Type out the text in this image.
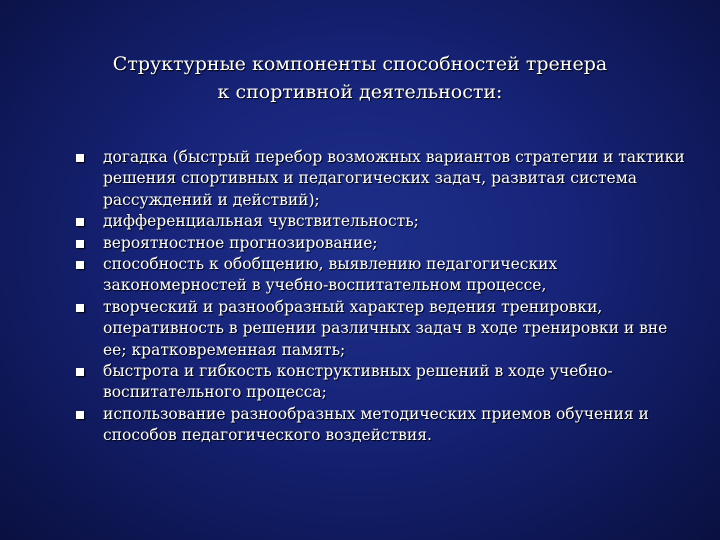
Структурные компоненты способностей тренера
к спортивной деятельности:
догадка (быстрый перебор возможных вариантов стратегии и тактики решения спортивных и педагогических задач, развитая система рассуждений и действий);
дифференциальная чувствительность;
вероятностное прогнозирование;
способность к обобщению, выявлению педагогических закономерностей в учебно-воспитательном процессе,
творческий и разнообразный характер ведения тренировки, оперативность в решении различных задач в ходе тренировки и вне ее; кратковременная память;
быстрота и гибкость конструктивных решений в ходе учебно-воспитательного процесса;
использование разнообразных методических приемов обучения и способов педагогического воздействия.
